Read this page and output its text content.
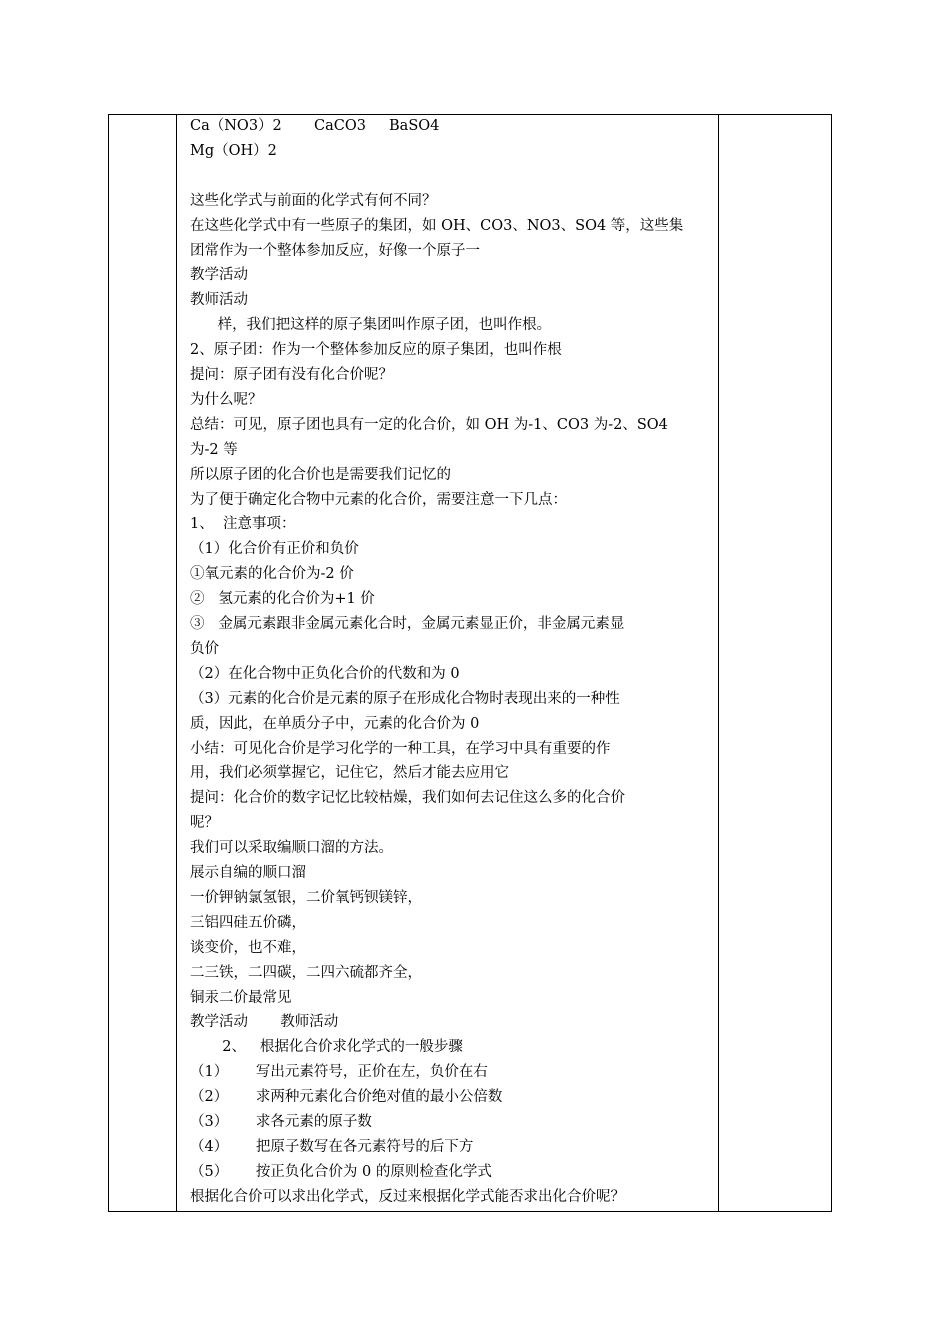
Ca（NO3）2       CaCO3     BaSO4
Mg（OH）2
这些化学式与前面的化学式有何不同？
在这些化学式中有一些原子的集团，如 OH、CO3、NO3、SO4 等，这些集
团常作为一个整体参加反应，好像一个原子一
教学活动
教师活动
样，我们把这样的原子集团叫作原子团，也叫作根。
2、原子团：作为一个整体参加反应的原子集团，也叫作根
提问：原子团有没有化合价呢？
为什么呢？
总结：可见，原子团也具有一定的化合价，如 OH 为-1、CO3 为-2、SO4
为-2 等
所以原子团的化合价也是需要我们记忆的
为了便于确定化合物中元素的化合价，需要注意一下几点：
1、  注意事项：
（1）化合价有正价和负价
①氧元素的化合价为-2 价
②   氢元素的化合价为+1 价
③   金属元素跟非金属元素化合时，金属元素显正价，非金属元素显
负价
（2）在化合物中正负化合价的代数和为 0
（3）元素的化合价是元素的原子在形成化合物时表现出来的一种性
质，因此，在单质分子中，元素的化合价为 0
小结：可见化合价是学习化学的一种工具，在学习中具有重要的作
用，我们必须掌握它，记住它，然后才能去应用它
提问：化合价的数字记忆比较枯燥，我们如何去记住这么多的化合价
呢？
我们可以采取编顺口溜的方法。
展示自编的顺口溜
一价钾钠氯氢银，二价氧钙钡镁锌，
三铝四硅五价磷，
谈变价，也不难，
二三铁，二四碳，二四六硫都齐全，
铜汞二价最常见
教学活动       教师活动
2、   根据化合价求化学式的一般步骤
（1）      写出元素符号，正价在左，负价在右
（2）      求两种元素化合价绝对值的最小公倍数
（3）      求各元素的原子数
（4）      把原子数写在各元素符号的后下方
（5）      按正负化合价为 0 的原则检查化学式
根据化合价可以求出化学式，反过来根据化学式能否求出化合价呢？
